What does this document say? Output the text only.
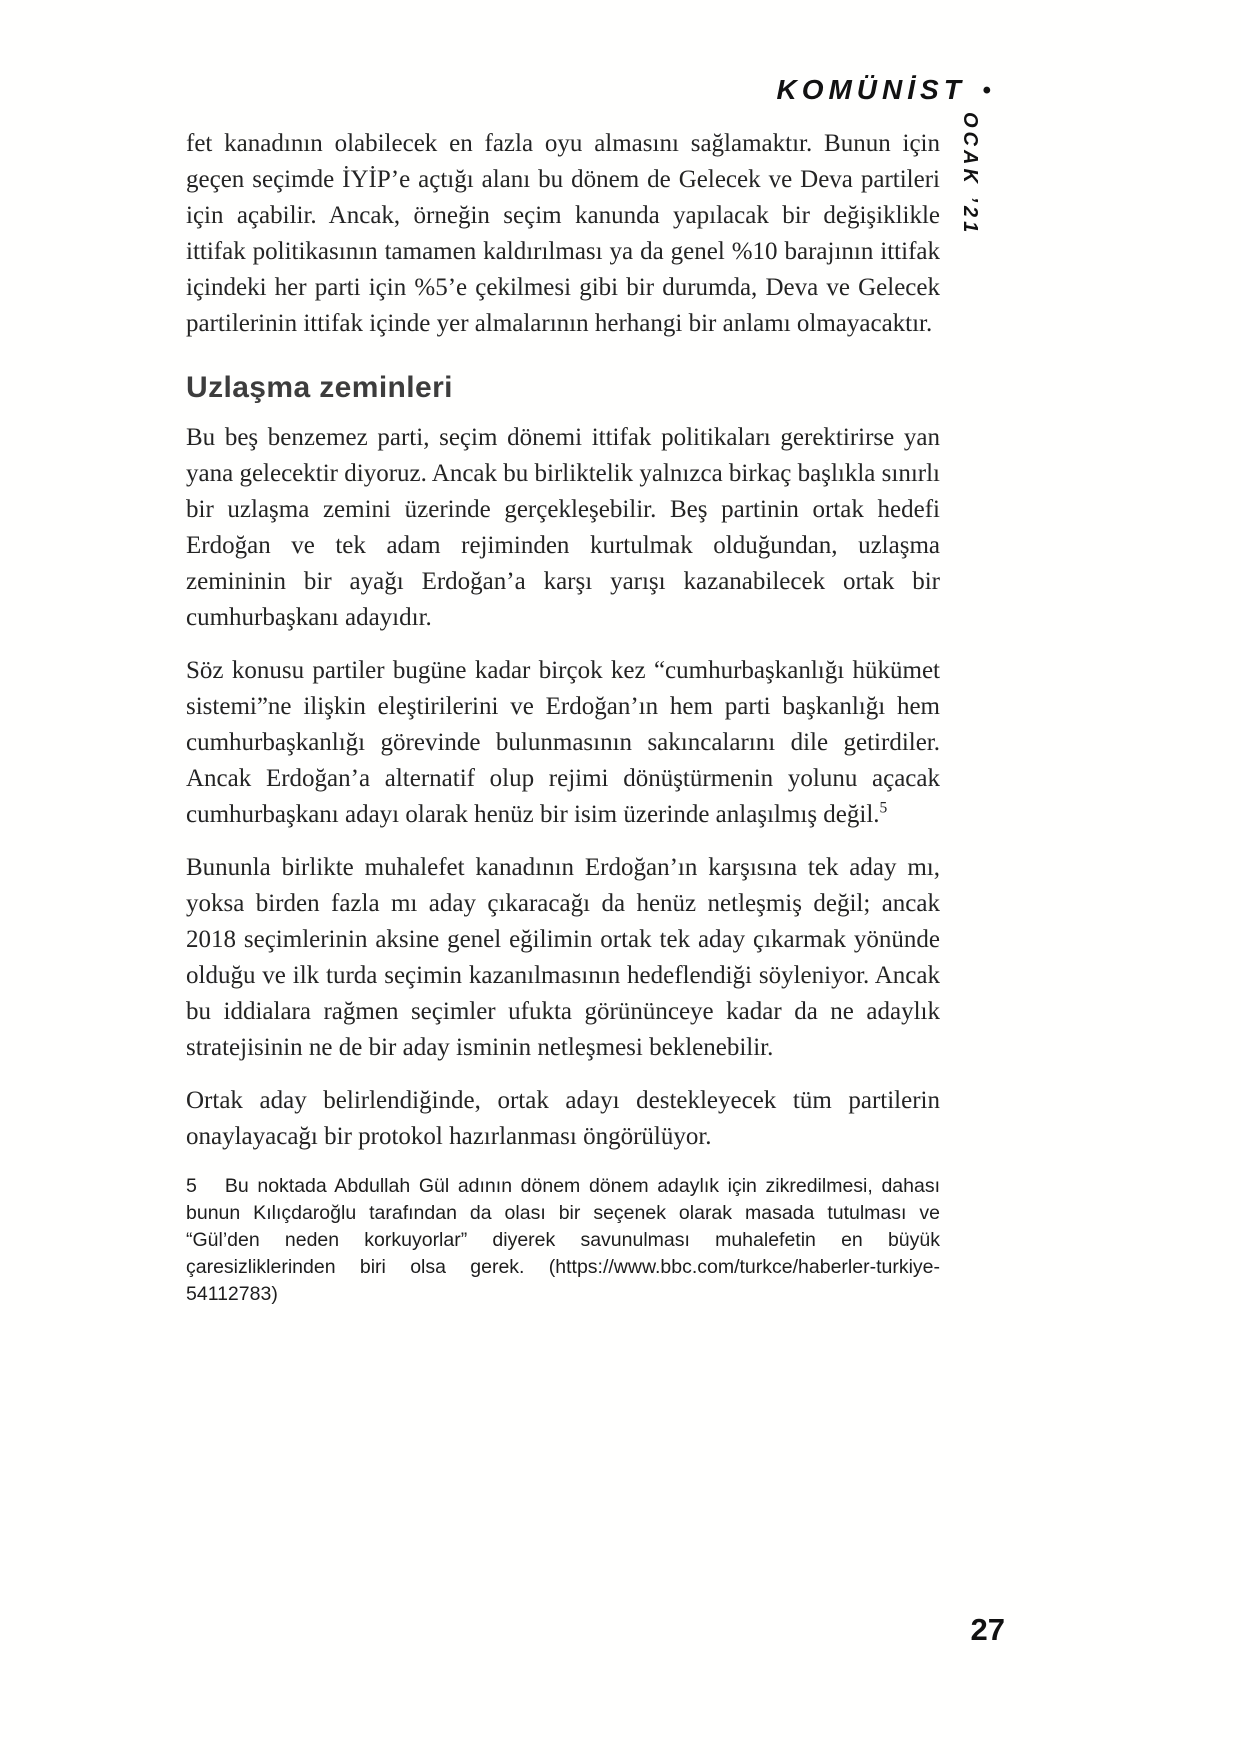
KOMÜNİST •
OCAK ’21

fet kanadının olabilecek en fazla oyu almasını sağlamaktır. Bunun için geçen seçimde İYİP’e açtığı alanı bu dönem de Gelecek ve Deva partileri için açabilir. Ancak, örneğin seçim kanunda yapılacak bir değişiklikle ittifak politikasının tamamen kaldırılması ya da genel %10 barajının ittifak içindeki her parti için %5’e çekilmesi gibi bir durumda, Deva ve Gelecek partilerinin ittifak içinde yer almalarının herhangi bir anlamı olmayacaktır.

Uzlaşma zeminleri

Bu beş benzemez parti, seçim dönemi ittifak politikaları gerektirirse yan yana gelecektir diyoruz. Ancak bu birliktelik yalnızca birkaç başlıkla sınırlı bir uzlaşma zemini üzerinde gerçekleşebilir. Beş partinin ortak hedefi Erdoğan ve tek adam rejiminden kurtulmak olduğundan, uzlaşma zemininin bir ayağı Erdoğan’a karşı yarışı kazanabilecek ortak bir cumhurbaşkanı adayıdır.

Söz konusu partiler bugüne kadar birçok kez “cumhurbaşkanlığı hükümet sistemi”ne ilişkin eleştirilerini ve Erdoğan’ın hem parti başkanlığı hem cumhurbaşkanlığı görevinde bulunmasının sakıncalarını dile getirdiler. Ancak Erdoğan’a alternatif olup rejimi dönüştürmenin yolunu açacak cumhurbaşkanı adayı olarak henüz bir isim üzerinde anlaşılmış değil.$^5$

Bununla birlikte muhalefet kanadının Erdoğan’ın karşısına tek aday mı, yoksa birden fazla mı aday çıkaracağı da henüz netleşmiş değil; ancak 2018 seçimlerinin aksine genel eğilimin ortak tek aday çıkarmak yönünde olduğu ve ilk turda seçimin kazanılmasının hedeflendiği söyleniyor. Ancak bu iddialara rağmen seçimler ufukta görününceye kadar da ne adaylık stratejisinin ne de bir aday isminin netleşmesi beklenebilir.

Ortak aday belirlendiğinde, ortak adayı destekleyecek tüm partilerin onaylayacağı bir protokol hazırlanması öngörülüyor.

5 Bu noktada Abdullah Gül adının dönem dönem adaylık için zikredilmesi, dahası bunun Kılıçdaroğlu tarafından da olası bir seçenek olarak masada tutulması ve “Gül’den neden korkuyorlar” diyerek savunulması muhalefetin en büyük çaresizliklerinden biri olsa gerek. (https://www.bbc.com/turkce/haberler-turkiye-54112783)
27
